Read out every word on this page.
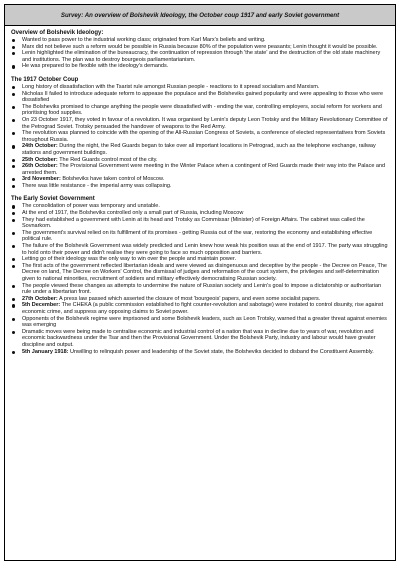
Survey: An overview of Bolshevik Ideology, the October coup 1917 and early Soviet government
Overview of Bolshevik Ideology:
Wanted to pass power to the industrial working class; originated from Karl Marx's beliefs and writing.
Marx did not believe such a reform would be possible in Russia because 80% of the population were peasants; Lenin thought it would be possible.
Lenin highlighted the elimination of the bureaucracy, the continuation of repression through 'the state' and the destruction of the old state machinery and institutions. The plan was to destroy bourgeois parliamentarianism.
He was prepared to be flexible with the ideology's demands.
The 1917 October Coup
Long history of dissatisfaction with the Tsarist rule amongst Russian people - reactions to it spread socialism and Marxism.
Nicholas II failed to introduce adequate reform to appease the populace and the Bolsheviks gained popularity and were appealing to those who were dissatisfied
The Bolsheviks promised to change anything the people were dissatisfied with - ending the war, controlling employers, social reform for workers and prioritising food supplies.
On 23 October 1917, they voted in favour of a revolution. It was organised by Lenin's deputy Leon Trotsky and the Military Revolutionary Committee of the Petrograd Soviet. Trotsky persuaded the handover of weapons to the Red Army.
The revolution was planned to coincide with the opening of the All-Russian Congress of Soviets, a conference of elected representatives from Soviets throughout Russia.
24th October: During the night, the Red Guards began to take over all important locations in Petrograd, such as the telephone exchange, railway stations and government buildings.
25th October: The Red Guards control most of the city.
26th October: The Provisional Government were meeting in the Winter Palace when a contingent of Red Guards made their way into the Palace and arrested them.
3rd November: Bolsheviks have taken control of Moscow.
There was little resistance - the imperial army was collapsing.
The Early Soviet Government
The consolidation of power was temporary and unstable.
At the end of 1917, the Bolsheviks controlled only a small part of Russia, including Moscow
They had established a government with Lenin at its head and Trotsky as Commissar (Minister) of Foreign Affairs. The cabinet was called the Sovnarkom.
The government's survival relied on its fulfillment of its promises - getting Russia out of the war, restoring the economy and establishing effective political rule.
The failure of the Bolshevik Government was widely predicted and Lenin knew how weak his position was at the end of 1917. The party was struggling to hold onto their power and didn't realise they were going to face so much opposition and barriers.
Letting go of their ideology was the only way to win over the people and maintain power.
The first acts of the government reflected libertarian ideals and were viewed as disingenuous and deceptive by the people - the Decree on Peace, The Decree on land, The Decree on Workers' Control, the dismissal of judges and reformation of the court system, the privileges and self-determination given to national minorities, recruitment of soldiers and military effectively democratising Russian society.
The people viewed these changes as attempts to undermine the nature of Russian society and Lenin's goal to impose a dictatorship or authoritarian rule under a libertarian front.
27th October: A press law passed which asserted the closure of most 'bourgeois' papers, and even some socialist papers.
5th December: The CHEKA (a public commission established to fight counter-revolution and sabotage) were instated to control disunity, rise against economic crime, and suppress any opposing claims to Soviet power.
Opponents of the Bolshevik regime were imprisoned and some Bolshevik leaders, such as Leon Trotsky, warned that a greater threat against enemies was emerging
Dramatic moves were being made to centralise economic and industrial control of a nation that was in decline due to years of war, revolution and economic backwardness under the Tsar and then the Provisional Government. Under the Bolshevik Party, industry and labour would have greater discipline and output.
5th January 1918: Unwilling to relinquish power and leadership of the Soviet state, the Bolsheviks decided to disband the Constituent Assembly.
